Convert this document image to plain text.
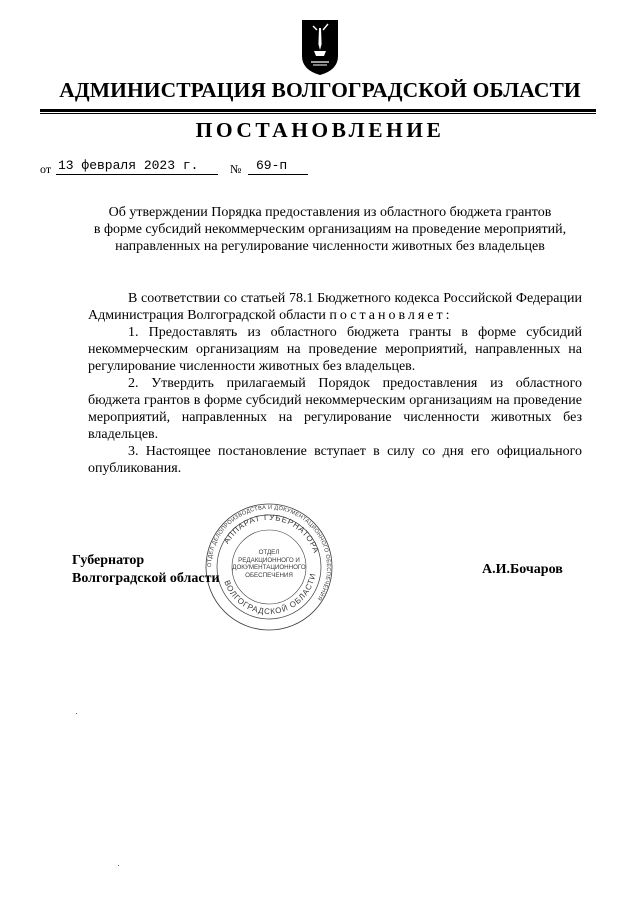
АДМИНИСТРАЦИЯ ВОЛГОГРАДСКОЙ ОБЛАСТИ
ПОСТАНОВЛЕНИЕ
от 13 февраля 2023 г.	№ 69-п
Об утверждении Порядка предоставления из областного бюджета грантов
в форме субсидий некоммерческим организациям на проведение мероприятий,
направленных на регулирование численности животных без владельцев

В соответствии со статьей 78.1 Бюджетного кодекса Российской Федерации Администрация Волгоградской области постановляет:

1. Предоставлять из областного бюджета гранты в форме субсидий некоммерческим организациям на проведение мероприятий, направленных на регулирование численности животных без владельцев.

2. Утвердить прилагаемый Порядок предоставления из областного бюджета грантов в форме субсидий некоммерческим организациям на проведение мероприятий, направленных на регулирование численности животных без владельцев.

3. Настоящее постановление вступает в силу со дня его официального опубликования.

ОТДЕЛ ДЕЛОПРОИЗВОДСТВА И ДОКУМЕНТАЦИОННОГО ОБЕСПЕЧЕНИЯ
АППАРАТ ГУБЕРНАТОРА
ВОЛГОГРАДСКОЙ ОБЛАСТИ
ОТДЕЛ
РЕДАКЦИОННОГО И
ДОКУМЕНТАЦИОННОГО
ОБЕСПЕЧЕНИЯ
Губернатор
Волгоградской области
А.И.Бочаров
